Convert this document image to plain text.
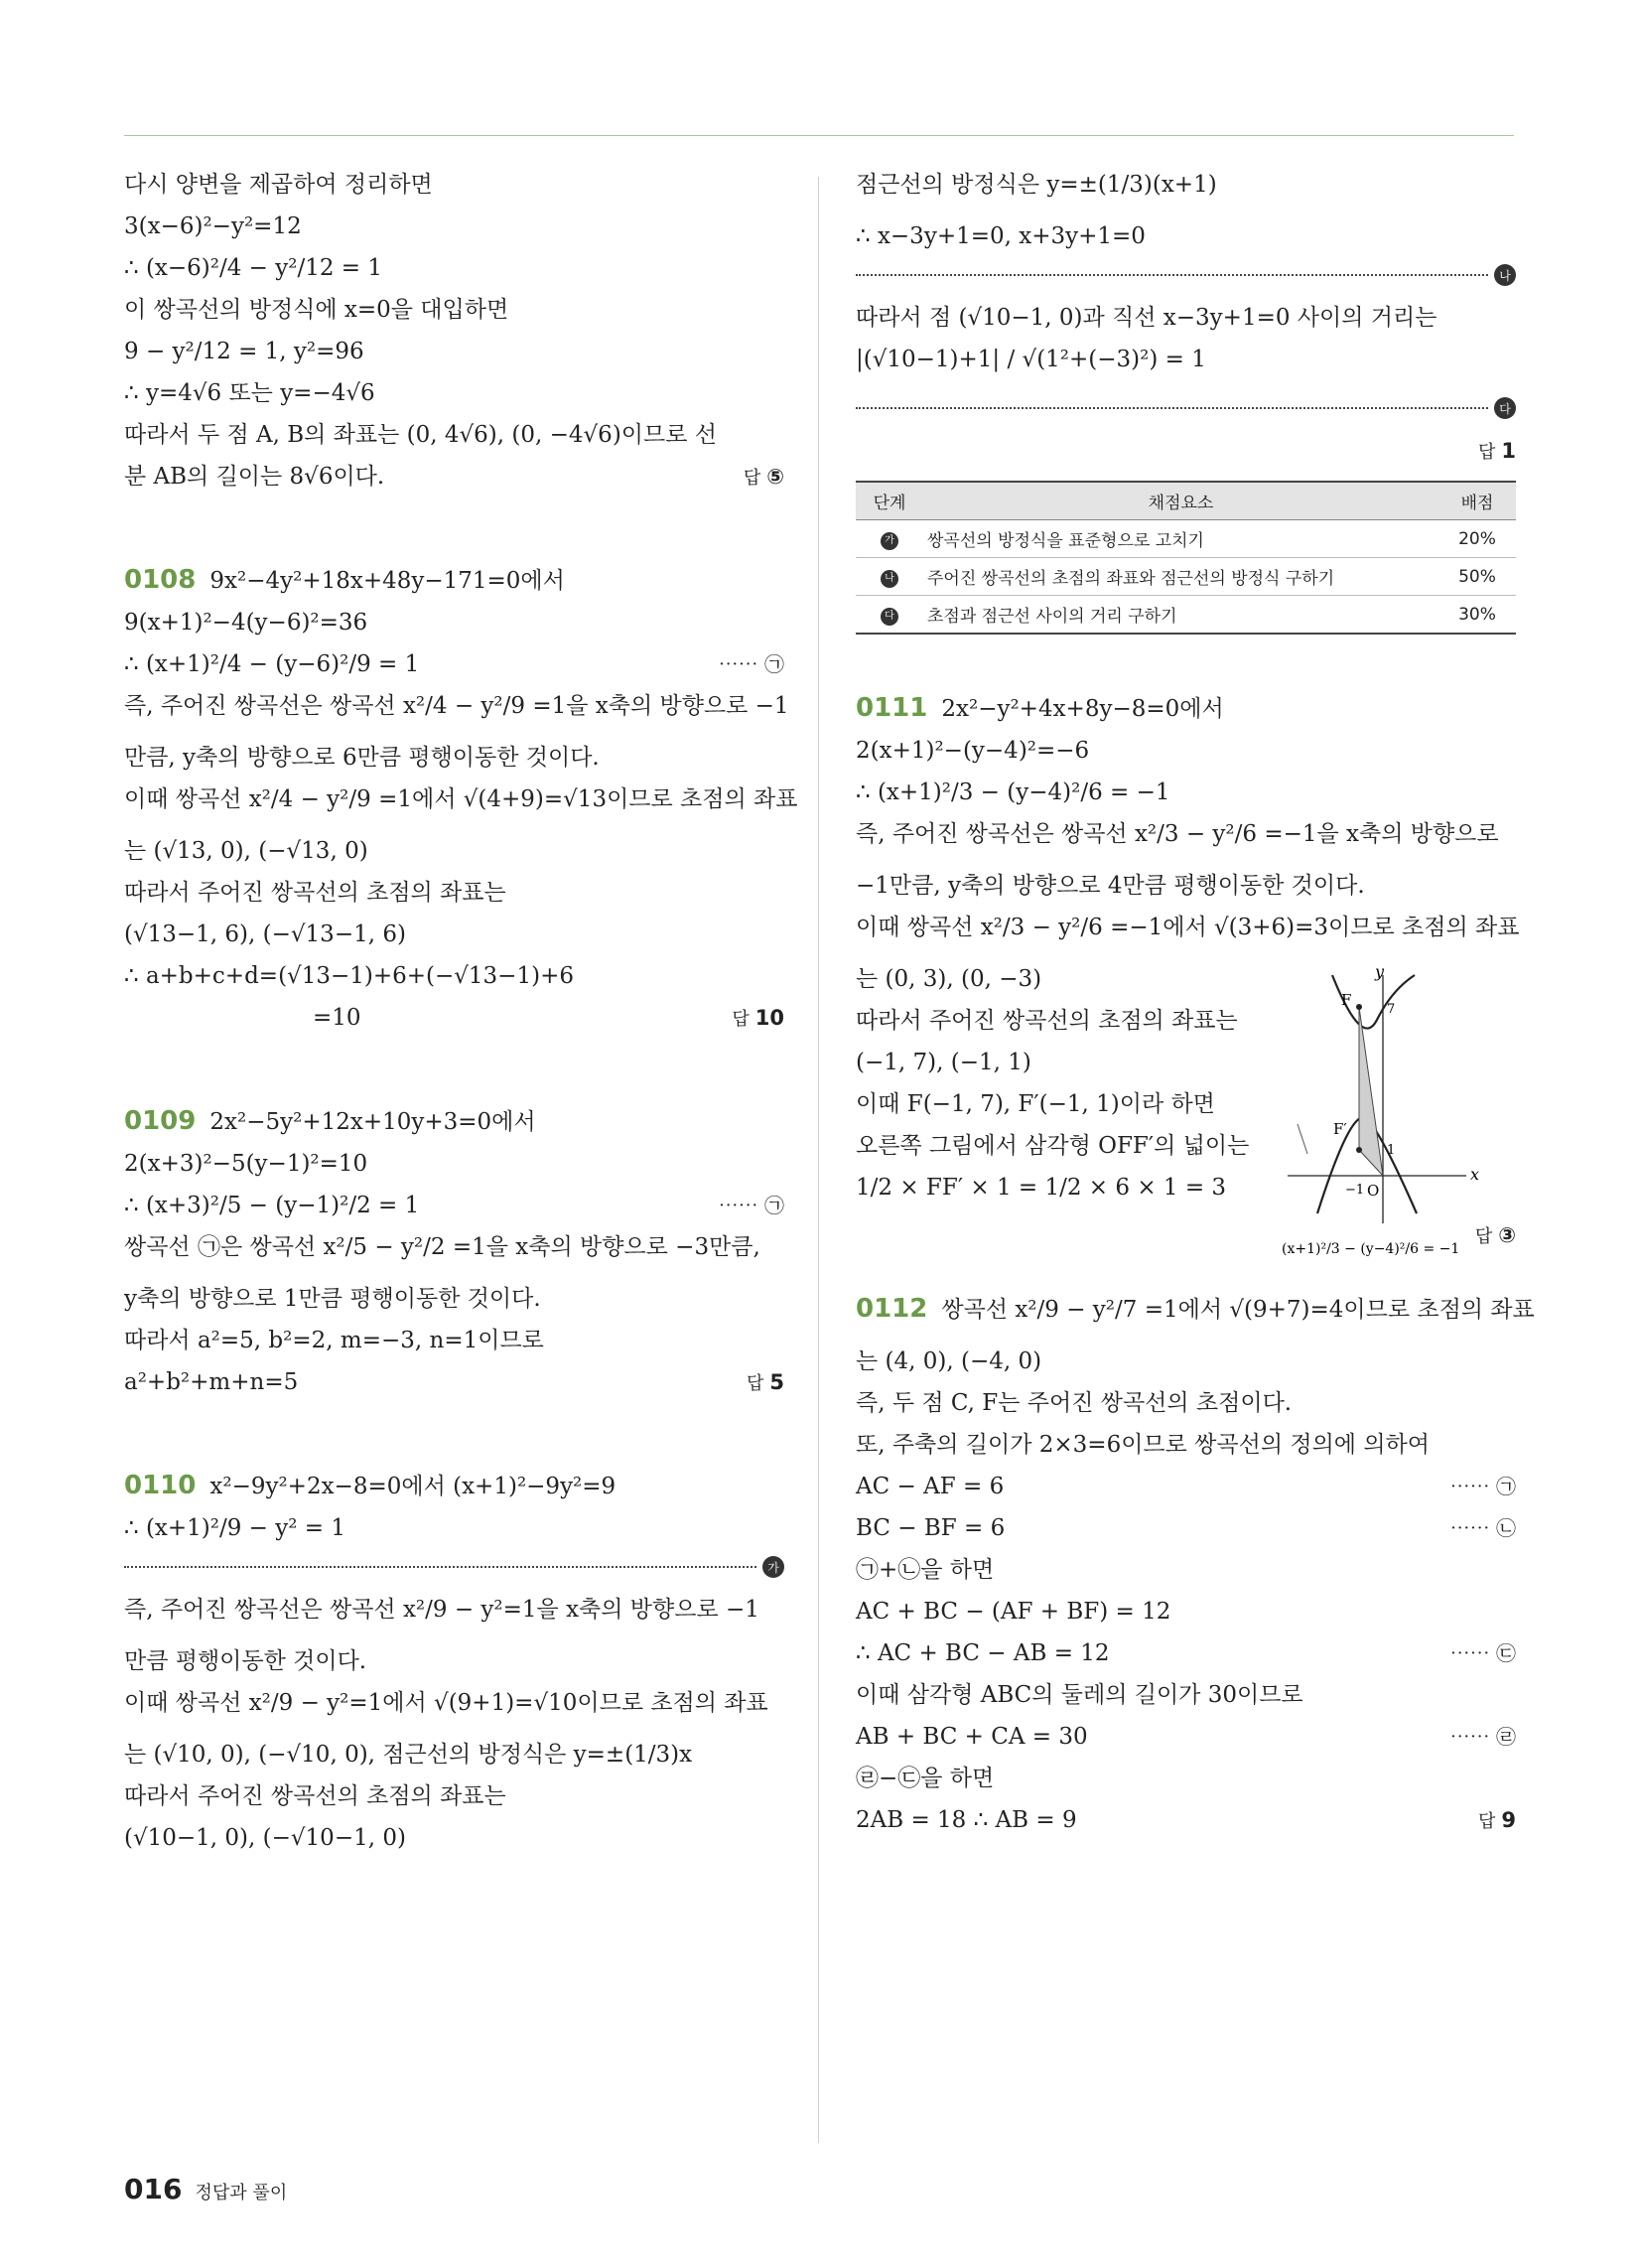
다시 양변을 제곱하여 정리하면
3(x−6)²−y²=12
∴ (x−6)²/4 − y²/12 = 1
이 쌍곡선의 방정식에 x=0을 대입하면
9 − y²/12 = 1, y²=96
∴ y=4√6 또는 y=−4√6
따라서 두 점 A, B의 좌표는 (0, 4√6), (0, −4√6)이므로 선
분 AB의 길이는 8√6이다.	답 ⑤
0108 9x²−4y²+18x+48y−171=0에서
9(x+1)²−4(y−6)²=36
∴ (x+1)²/4 − (y−6)²/9 = 1	⋯⋯ ㉠
즉, 주어진 쌍곡선은 쌍곡선 x²/4 − y²/9 =1을 x축의 방향으로 −1
만큼, y축의 방향으로 6만큼 평행이동한 것이다.
이때 쌍곡선 x²/4 − y²/9 =1에서 √(4+9)=√13이므로 초점의 좌표
는 (√13, 0), (−√13, 0)
따라서 주어진 쌍곡선의 초점의 좌표는
(√13−1, 6), (−√13−1, 6)
∴ a+b+c+d=(√13−1)+6+(−√13−1)+6
=10	답 10
0109 2x²−5y²+12x+10y+3=0에서
2(x+3)²−5(y−1)²=10
∴ (x+3)²/5 − (y−1)²/2 = 1	⋯⋯ ㉠
쌍곡선 ㉠은 쌍곡선 x²/5 − y²/2 =1을 x축의 방향으로 −3만큼,
y축의 방향으로 1만큼 평행이동한 것이다.
따라서 a²=5, b²=2, m=−3, n=1이므로
a²+b²+m+n=5	답 5
0110 x²−9y²+2x−8=0에서 (x+1)²−9y²=9
∴ (x+1)²/9 − y² = 1
가
즉, 주어진 쌍곡선은 쌍곡선 x²/9 − y²=1을 x축의 방향으로 −1
만큼 평행이동한 것이다.
이때 쌍곡선 x²/9 − y²=1에서 √(9+1)=√10이므로 초점의 좌표
는 (√10, 0), (−√10, 0), 점근선의 방정식은 y=±(1/3)x
따라서 주어진 쌍곡선의 초점의 좌표는
(√10−1, 0), (−√10−1, 0)
점근선의 방정식은 y=±(1/3)(x+1)
∴ x−3y+1=0, x+3y+1=0
나
따라서 점 (√10−1, 0)과 직선 x−3y+1=0 사이의 거리는
|(√10−1)+1| / √(1²+(−3)²) = 1
다
답 1
단계	채점요소	배점
가	쌍곡선의 방정식을 표준형으로 고치기	20%
나	주어진 쌍곡선의 초점의 좌표와 점근선의 방정식 구하기	50%
다	초점과 점근선 사이의 거리 구하기	30%
0111 2x²−y²+4x+8y−8=0에서
2(x+1)²−(y−4)²=−6
∴ (x+1)²/3 − (y−4)²/6 = −1
즉, 주어진 쌍곡선은 쌍곡선 x²/3 − y²/6 =−1을 x축의 방향으로
−1만큼, y축의 방향으로 4만큼 평행이동한 것이다.
이때 쌍곡선 x²/3 − y²/6 =−1에서 √(3+6)=3이므로 초점의 좌표
는 (0, 3), (0, −3)
따라서 주어진 쌍곡선의 초점의 좌표는
(−1, 7), (−1, 1)
이때 F(−1, 7), F′(−1, 1)이라 하면
오른쪽 그림에서 삼각형 OFF′의 넓이는
1/2 × FF′ × 1 = 1/2 × 6 × 1 = 3
x
y
O
F
F′
7
1
−1
(x+1)²/3 − (y−4)²/6 = −1
답 ③
0112 쌍곡선 x²/9 − y²/7 =1에서 √(9+7)=4이므로 초점의 좌표
는 (4, 0), (−4, 0)
즉, 두 점 C, F는 주어진 쌍곡선의 초점이다.
또, 주축의 길이가 2×3=6이므로 쌍곡선의 정의에 의하여
AC − AF = 6	⋯⋯ ㉠
BC − BF = 6	⋯⋯ ㉡
㉠+㉡을 하면
AC + BC − (AF + BF) = 12
∴ AC + BC − AB = 12	⋯⋯ ㉢
이때 삼각형 ABC의 둘레의 길이가 30이므로
AB + BC + CA = 30	⋯⋯ ㉣
㉣−㉢을 하면
2AB = 18 ∴ AB = 9	답 9
016 정답과 풀이
